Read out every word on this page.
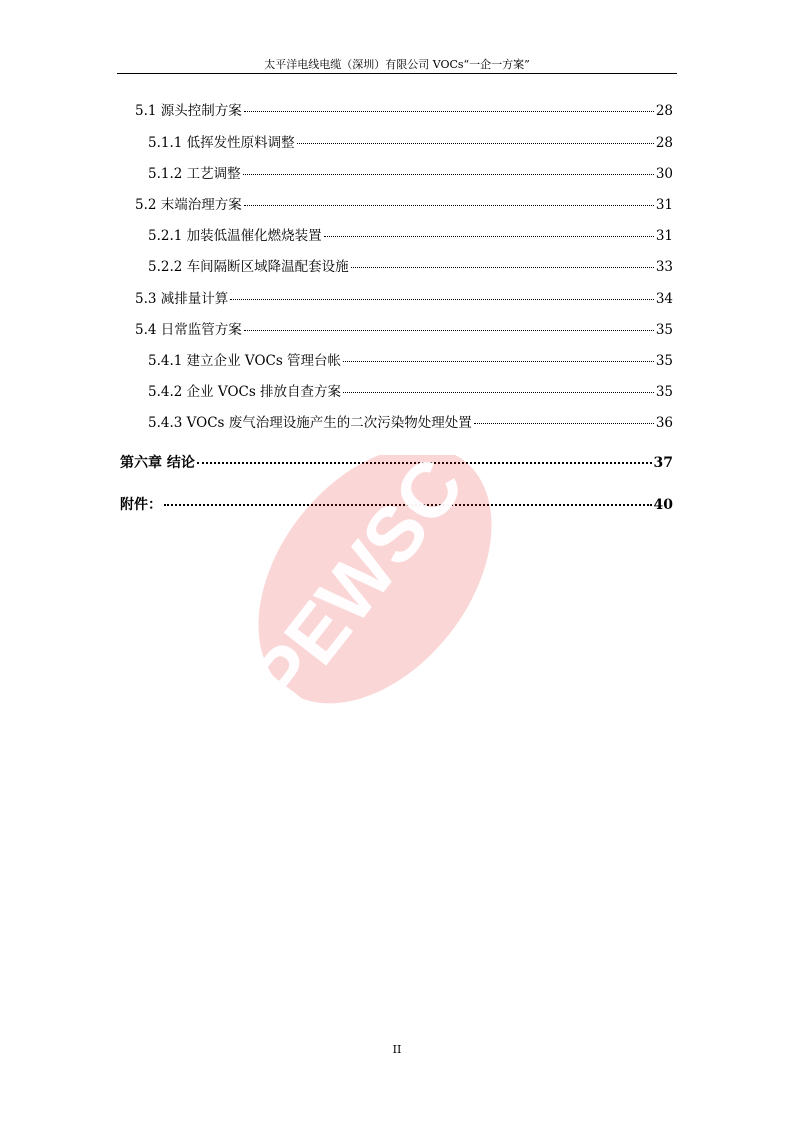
太平洋电线电缆（深圳）有限公司 VOCs“一企一方案”
5.1 源头控制方案	28
5.1.1 低挥发性原料调整	28
5.1.2 工艺调整	30
5.2 末端治理方案	31
5.2.1 加装低温催化燃烧装置	31
5.2.2 车间隔断区域降温配套设施	33
5.3 减排量计算	34
5.4 日常监管方案	35
5.4.1 建立企业 VOCs 管理台帐	35
5.4.2 企业 VOCs 排放自查方案	35
5.4.3 VOCs 废气治理设施产生的二次污染物处理处置	36
第六章 结论	37
附件：	40
PEWSC
II
